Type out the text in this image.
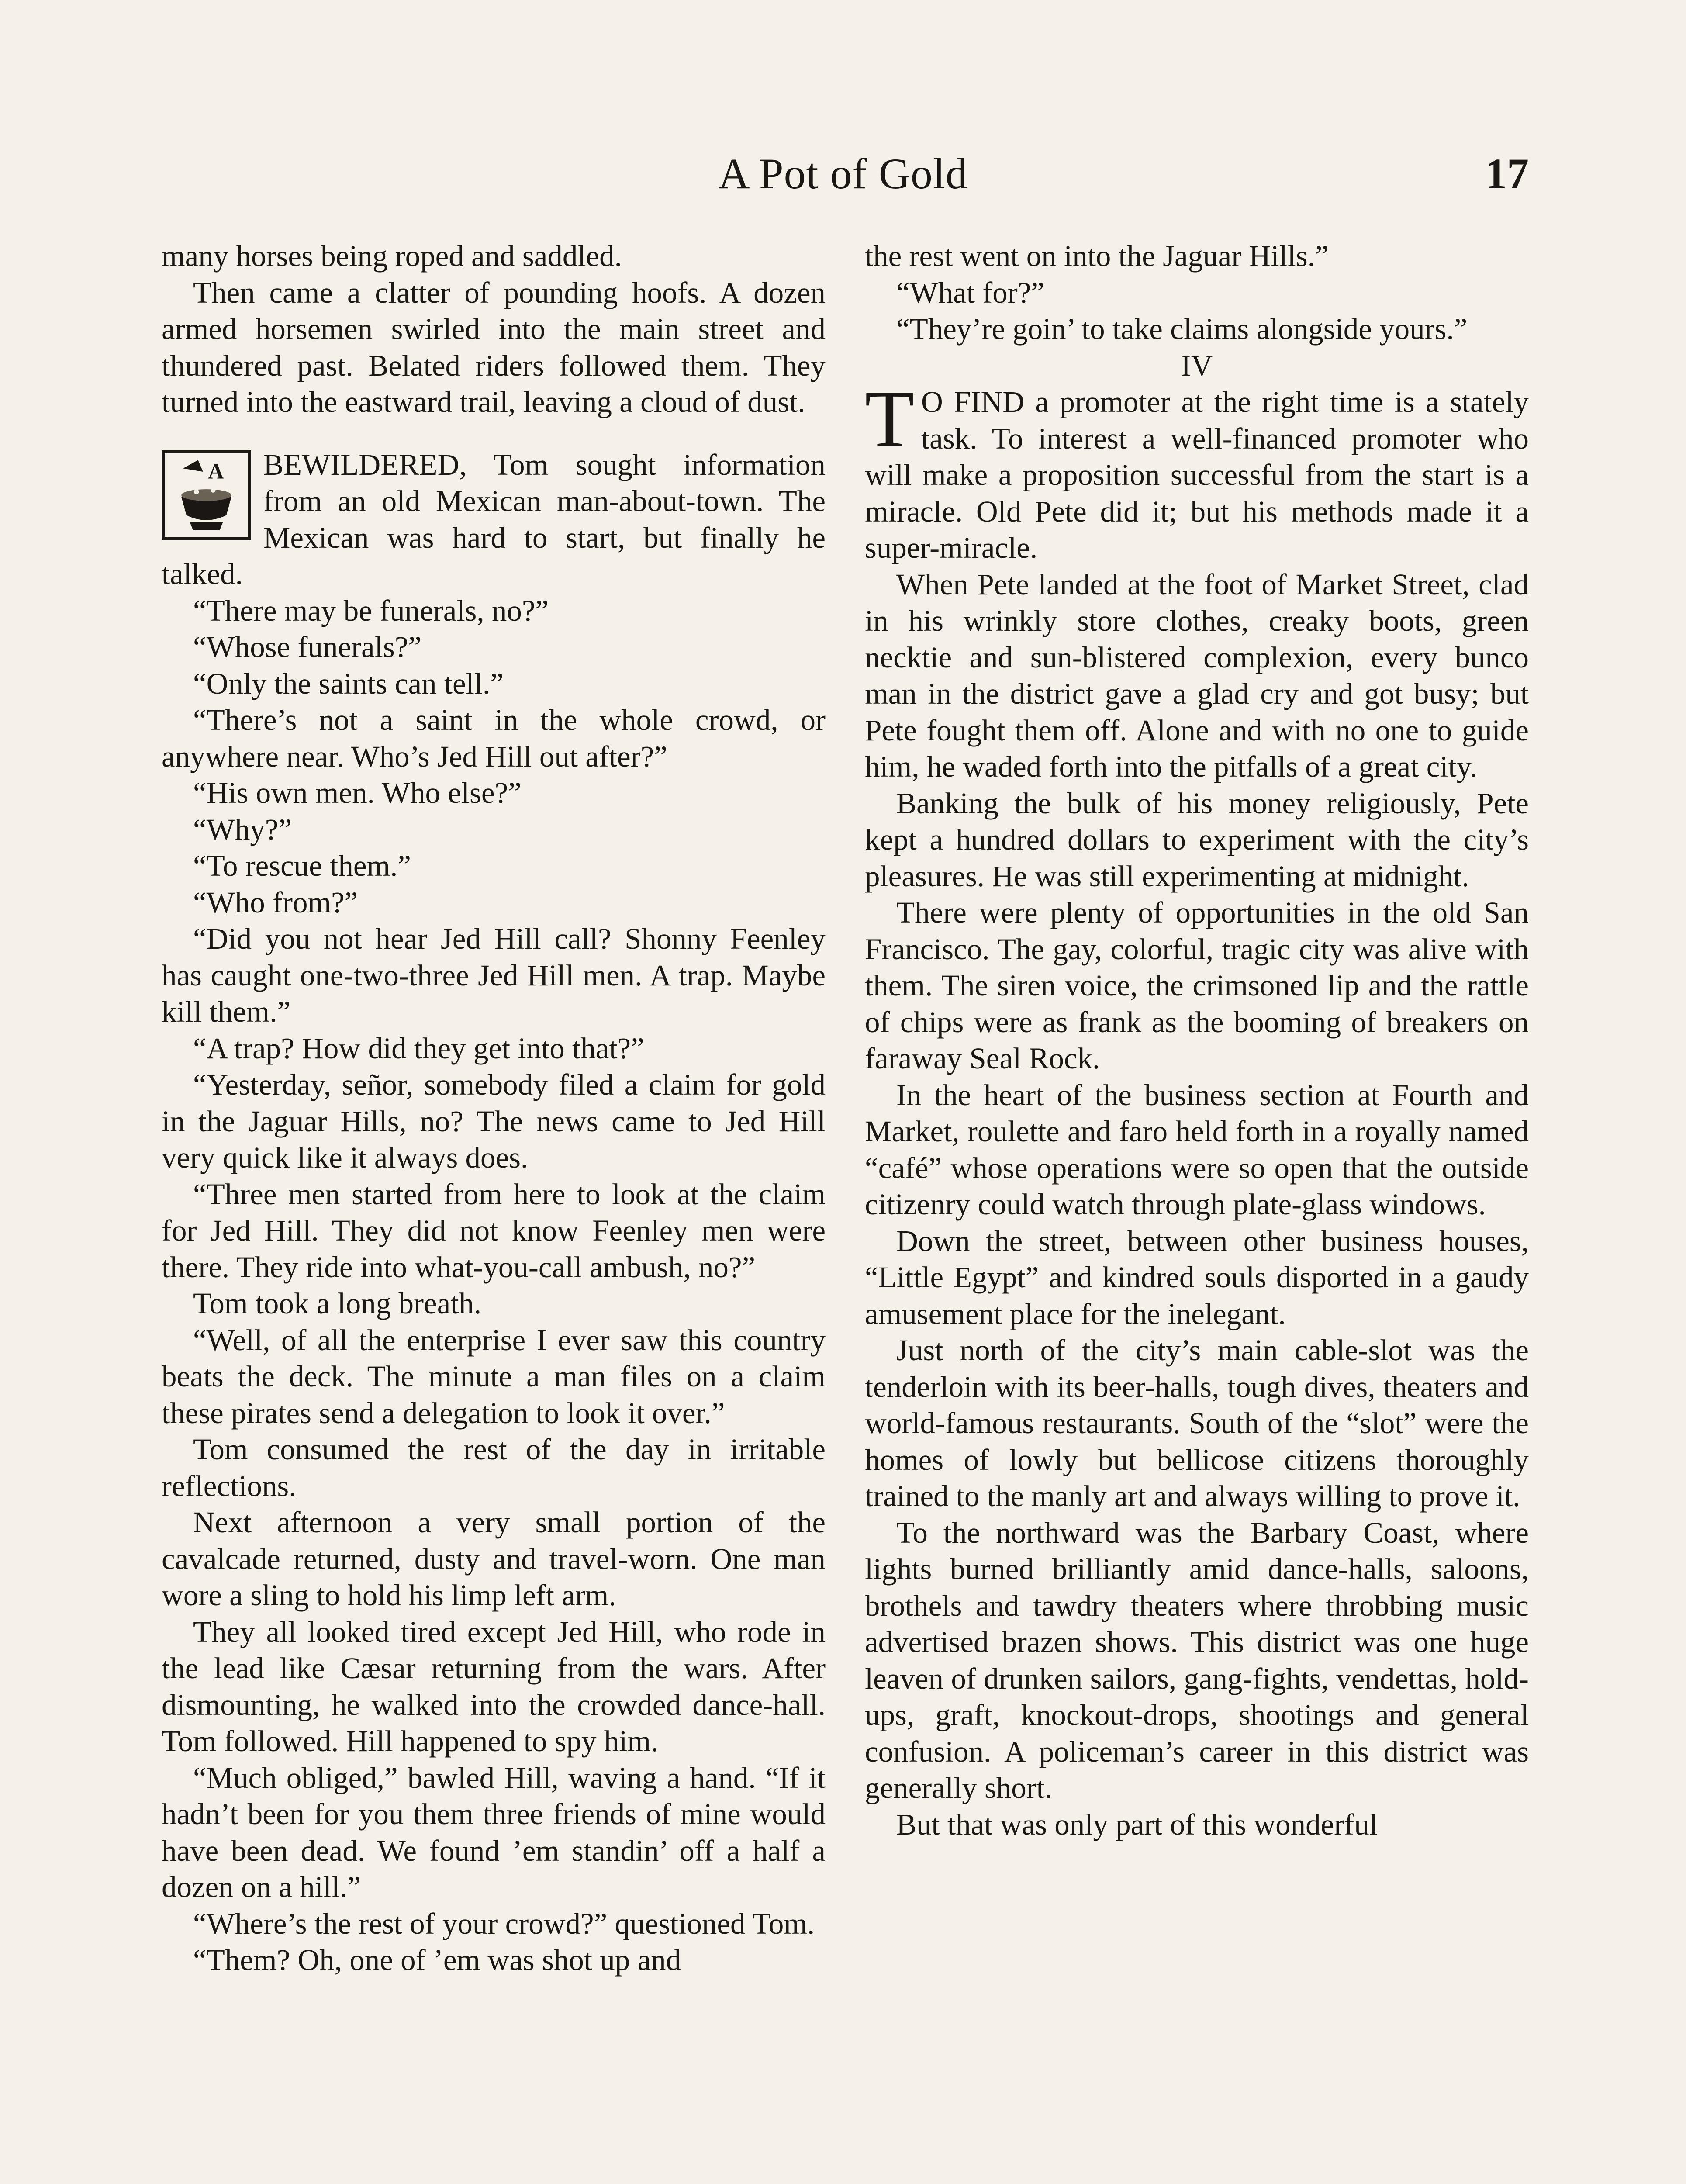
A Pot of Gold	17

many horses being roped and saddled.

Then came a clatter of pounding hoofs. A dozen armed horsemen swirled into the main street and thundered past. Belated riders followed them. They turned into the eastward trail, leaving a cloud of dust.

A BEWILDERED, Tom sought information from an old Mexican man-about-town. The Mexican was hard to start, but finally he talked.

“There may be funerals, no?”

“Whose funerals?”

“Only the saints can tell.”

“There’s not a saint in the whole crowd, or anywhere near. Who’s Jed Hill out after?”

“His own men. Who else?”

“Why?”

“To rescue them.”

“Who from?”

“Did you not hear Jed Hill call? Shonny Feenley has caught one-two-three Jed Hill men. A trap. Maybe kill them.”

“A trap? How did they get into that?”

“Yesterday, señor, somebody filed a claim for gold in the Jaguar Hills, no? The news came to Jed Hill very quick like it always does.

“Three men started from here to look at the claim for Jed Hill. They did not know Feenley men were there. They ride into what-you-call ambush, no?”

Tom took a long breath.

“Well, of all the enterprise I ever saw this country beats the deck. The minute a man files on a claim these pirates send a delegation to look it over.”

Tom consumed the rest of the day in irritable reflections.

Next afternoon a very small portion of the cavalcade returned, dusty and travel-worn. One man wore a sling to hold his limp left arm.

They all looked tired except Jed Hill, who rode in the lead like Cæsar returning from the wars. After dismounting, he walked into the crowded dance-hall. Tom followed. Hill happened to spy him.

“Much obliged,” bawled Hill, waving a hand. “If it hadn’t been for you them three friends of mine would have been dead. We found ’em standin’ off a half a dozen on a hill.”

“Where’s the rest of your crowd?” questioned Tom.

“Them? Oh, one of ’em was shot up and

the rest went on into the Jaguar Hills.”

“What for?”

“They’re goin’ to take claims alongside yours.”

IV

T O FIND a promoter at the right time is a stately task. To interest a well-financed promoter who will make a proposition successful from the start is a miracle. Old Pete did it; but his methods made it a super-miracle.

When Pete landed at the foot of Market Street, clad in his wrinkly store clothes, creaky boots, green necktie and sun-blistered complexion, every bunco man in the district gave a glad cry and got busy; but Pete fought them off. Alone and with no one to guide him, he waded forth into the pitfalls of a great city.

Banking the bulk of his money religiously, Pete kept a hundred dollars to experiment with the city’s pleasures. He was still experimenting at midnight.

There were plenty of opportunities in the old San Francisco. The gay, colorful, tragic city was alive with them. The siren voice, the crimsoned lip and the rattle of chips were as frank as the booming of breakers on faraway Seal Rock.

In the heart of the business section at Fourth and Market, roulette and faro held forth in a royally named “café” whose operations were so open that the outside citizenry could watch through plate-glass windows.

Down the street, between other business houses, “Little Egypt” and kindred souls disported in a gaudy amusement place for the inelegant.

Just north of the city’s main cable-slot was the tenderloin with its beer-halls, tough dives, theaters and world-famous restaurants. South of the “slot” were the homes of lowly but bellicose citizens thoroughly trained to the manly art and always willing to prove it.

To the northward was the Barbary Coast, where lights burned brilliantly amid dance-halls, saloons, brothels and tawdry theaters where throbbing music advertised brazen shows. This district was one huge leaven of drunken sailors, gang-fights, vendettas, hold-ups, graft, knockout-drops, shootings and general confusion. A policeman’s career in this district was generally short.

But that was only part of this wonderful
